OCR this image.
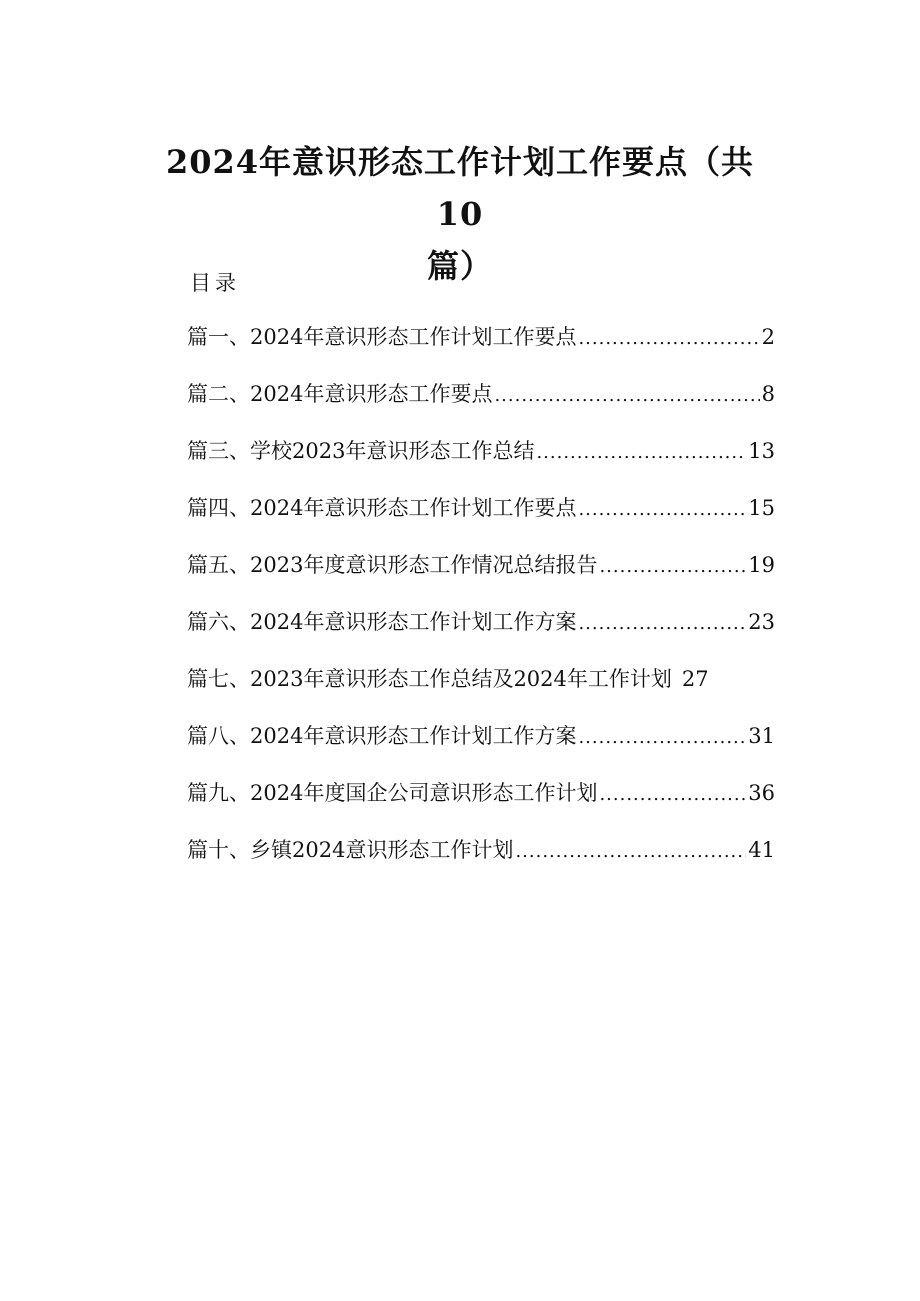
2024年意识形态工作计划工作要点（共10
篇）
目录
篇一、2024年意识形态工作计划工作要点 .....	2
篇二、2024年意识形态工作要点 .....	8
篇三、学校2023年意识形态工作总结 .....	13
篇四、2024年意识形态工作计划工作要点 .....	15
篇五、2023年度意识形态工作情况总结报告 .....	19
篇六、2024年意识形态工作计划工作方案 .....	23
篇七、2023年意识形态工作总结及2024年工作计划 27
篇八、2024年意识形态工作计划工作方案 .....	31
篇九、2024年度国企公司意识形态工作计划 .....	36
篇十、乡镇2024意识形态工作计划 .....	41
